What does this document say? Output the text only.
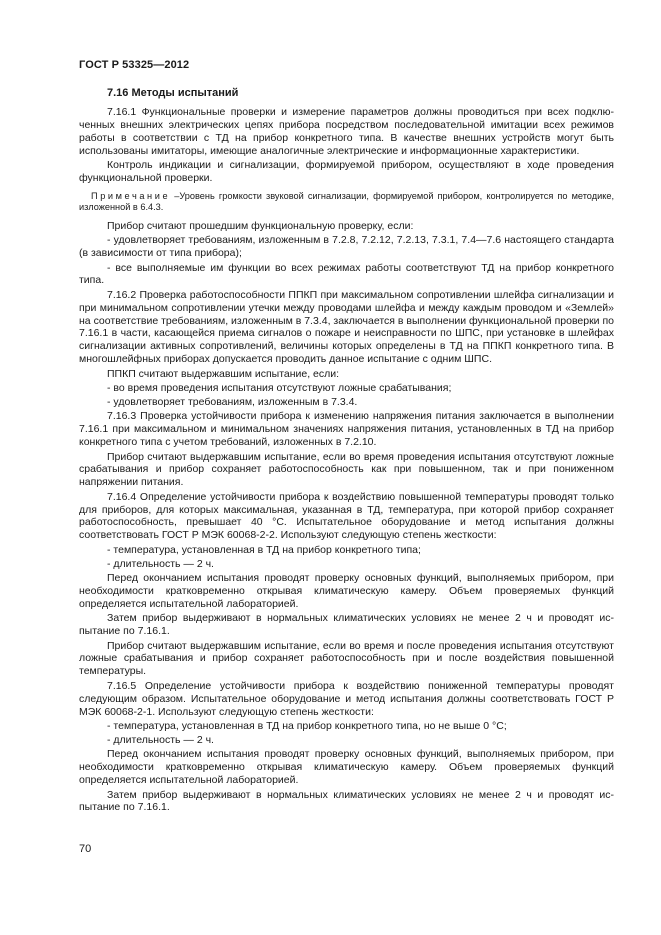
ГОСТ Р 53325—2012
7.16 Методы испытаний

7.16.1 Функциональные проверки и измерение параметров должны проводиться при всех подключенных внешних электрических цепях прибора посредством последовательной имитации всех режимов работы в соответствии с ТД на прибор конкретного типа. В качестве внешних устройств могут быть использованы имитаторы, имеющие аналогичные электрические и информационные характеристики.

Контроль индикации и сигнализации, формируемой прибором, осуществляют в ходе проведения функциональной проверки.

Примечание –Уровень громкости звуковой сигнализации, формируемой прибором, контролируется по методике, изложенной в 6.4.3.

Прибор считают прошедшим функциональную проверку, если:

- удовлетворяет требованиям, изложенным в 7.2.8, 7.2.12, 7.2.13, 7.3.1, 7.4—7.6 настоящего стандарта (в зависимости от типа прибора);

- все выполняемые им функции во всех режимах работы соответствуют ТД на прибор конкретного типа.

7.16.2 Проверка работоспособности ППКП при максимальном сопротивлении шлейфа сигнализации и при минимальном сопротивлении утечки между проводами шлейфа и между каждым проводом и «Землей» на соответствие требованиям, изложенным в 7.3.4, заключается в выполнении функциональной проверки по 7.16.1 в части, касающейся приема сигналов о пожаре и неисправности по ШПС, при установке в шлейфах сигнализации активных сопротивлений, величины которых определены в ТД на ППКП конкретного типа. В многошлейфных приборах допускается проводить данное испытание с одним ШПС.

ППКП считают выдержавшим испытание, если:

- во время проведения испытания отсутствуют ложные срабатывания;

- удовлетворяет требованиям, изложенным в 7.3.4.

7.16.3 Проверка устойчивости прибора к изменению напряжения питания заключается в выполнении 7.16.1 при максимальном и минимальном значениях напряжения питания, установленных в ТД на прибор конкретного типа с учетом требований, изложенных в 7.2.10.

Прибор считают выдержавшим испытание, если во время проведения испытания отсутствуют ложные срабатывания и прибор сохраняет работоспособность как при повышенном, так и при пониженном напряжении питания.

7.16.4 Определение устойчивости прибора к воздействию повышенной температуры проводят только для приборов, для которых максимальная, указанная в ТД, температура, при которой прибор сохраняет работоспособность, превышает 40 °С. Испытательное оборудование и метод испытания должны соответствовать ГОСТ Р МЭК 60068-2-2. Используют следующую степень жесткости:

- температура, установленная в ТД на прибор конкретного типа;

- длительность — 2 ч.

Перед окончанием испытания проводят проверку основных функций, выполняемых прибором, при необходимости кратковременно открывая климатическую камеру. Объем проверяемых функций определяется испытательной лабораторией.

Затем прибор выдерживают в нормальных климатических условиях не менее 2 ч и проводят испытание по 7.16.1.

Прибор считают выдержавшим испытание, если во время и после проведения испытания отсутствуют ложные срабатывания и прибор сохраняет работоспособность при и после воздействия повышенной температуры.

7.16.5 Определение устойчивости прибора к воздействию пониженной температуры проводят следующим образом. Испытательное оборудование и метод испытания должны соответствовать ГОСТ Р МЭК 60068-2-1. Используют следующую степень жесткости:

- температура, установленная в ТД на прибор конкретного типа, но не выше 0 °С;

- длительность — 2 ч.

Перед окончанием испытания проводят проверку основных функций, выполняемых прибором, при необходимости кратковременно открывая климатическую камеру. Объем проверяемых функций определяется испытательной лабораторией.

Затем прибор выдерживают в нормальных климатических условиях не менее 2 ч и проводят испытание по 7.16.1.

70
